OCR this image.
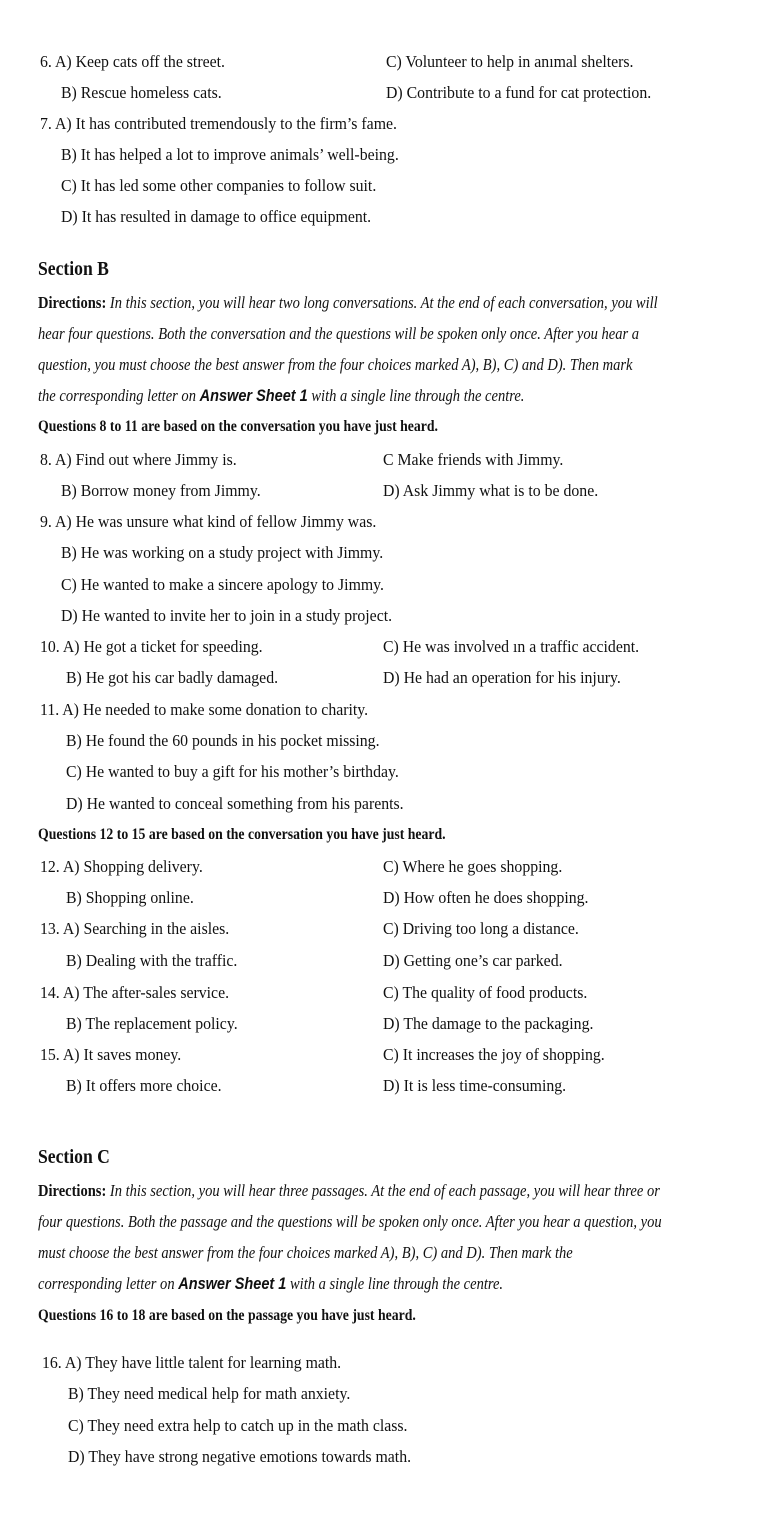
6. A) Keep cats off the street.	C) Volunteer to help in anımal shelters.
B) Rescue homeless cats.	D) Contribute to a fund for cat protection.
7. A) It has contributed tremendously to the firm’s fame.
B) It has helped a lot to improve animals’ well-being.
C) It has led some other companies to follow suit.
D) It has resulted in damage to office equipment.
Section B
Directions: In this section, you will hear two long conversations. At the end of each conversation, you will
hear four questions. Both the conversation and the questions will be spoken only once. After you hear a
question, you must choose the best answer from the four choices marked A), B), C) and D). Then mark
the corresponding letter on Answer Sheet 1 with a single line through the centre.
Questions 8 to 11 are based on the conversation you have just heard.
8. A) Find out where Jimmy is.	C Make friends with Jimmy.
B) Borrow money from Jimmy.	D) Ask Jimmy what is to be done.
9. A) He was unsure what kind of fellow Jimmy was.
B) He was working on a study project with Jimmy.
C) He wanted to make a sincere apology to Jimmy.
D) He wanted to invite her to join in a study project.
10. A) He got a ticket for speeding.	C) He was involved ın a traffic accident.
B) He got his car badly damaged.	D) He had an operation for his injury.
11. A) He needed to make some donation to charity.
B) He found the 60 pounds in his pocket missing.
C) He wanted to buy a gift for his mother’s birthday.
D) He wanted to conceal something from his parents.
Questions 12 to 15 are based on the conversation you have just heard.
12. A) Shopping delivery.	C) Where he goes shopping.
B) Shopping online.	D) How often he does shopping.
13. A) Searching in the aisles.	C) Driving too long a distance.
B) Dealing with the traffic.	D) Getting one’s car parked.
14. A) The after-sales service.	C) The quality of food products.
B) The replacement policy.	D) The damage to the packaging.
15. A) It saves money.	C) It increases the joy of shopping.
B) It offers more choice.	D) It is less time-consuming.
Section C
Directions: In this section, you will hear three passages. At the end of each passage, you will hear three or
four questions. Both the passage and the questions will be spoken only once. After you hear a question, you
must choose the best answer from the four choices marked A), B), C) and D). Then mark the
corresponding letter on Answer Sheet 1 with a single line through the centre.
Questions 16 to 18 are based on the passage you have just heard.
16. A) They have little talent for learning math.
B) They need medical help for math anxiety.
C) They need extra help to catch up in the math class.
D) They have strong negative emotions towards math.
